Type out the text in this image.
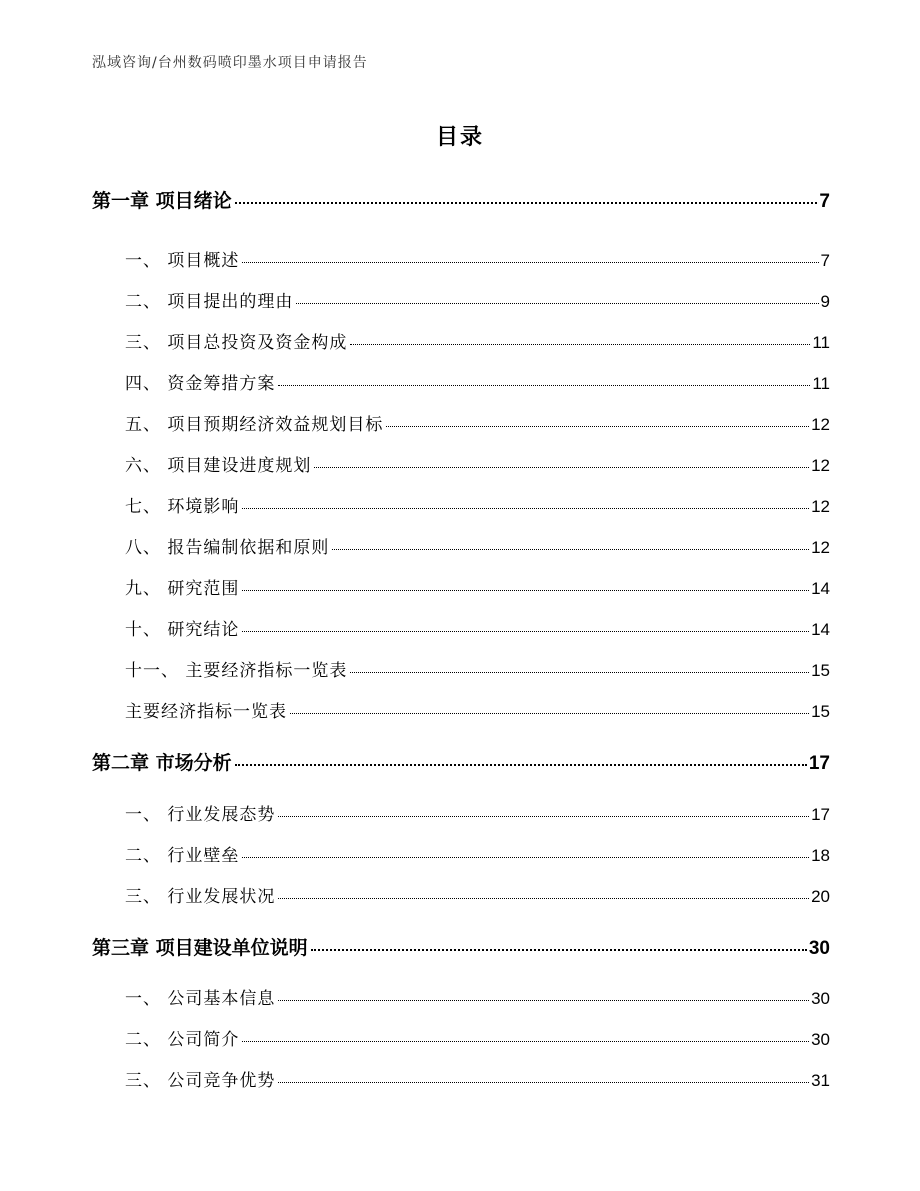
泓域咨询/台州数码喷印墨水项目申请报告
目录
第一章 项目绪论	7
一、 项目概述	7
二、 项目提出的理由	9
三、 项目总投资及资金构成	11
四、 资金筹措方案	11
五、 项目预期经济效益规划目标	12
六、 项目建设进度规划	12
七、 环境影响	12
八、 报告编制依据和原则	12
九、 研究范围	14
十、 研究结论	14
十一、 主要经济指标一览表	15
主要经济指标一览表	15
第二章 市场分析	17
一、 行业发展态势	17
二、 行业壁垒	18
三、 行业发展状况	20
第三章 项目建设单位说明	30
一、 公司基本信息	30
二、 公司简介	30
三、 公司竞争优势	31
